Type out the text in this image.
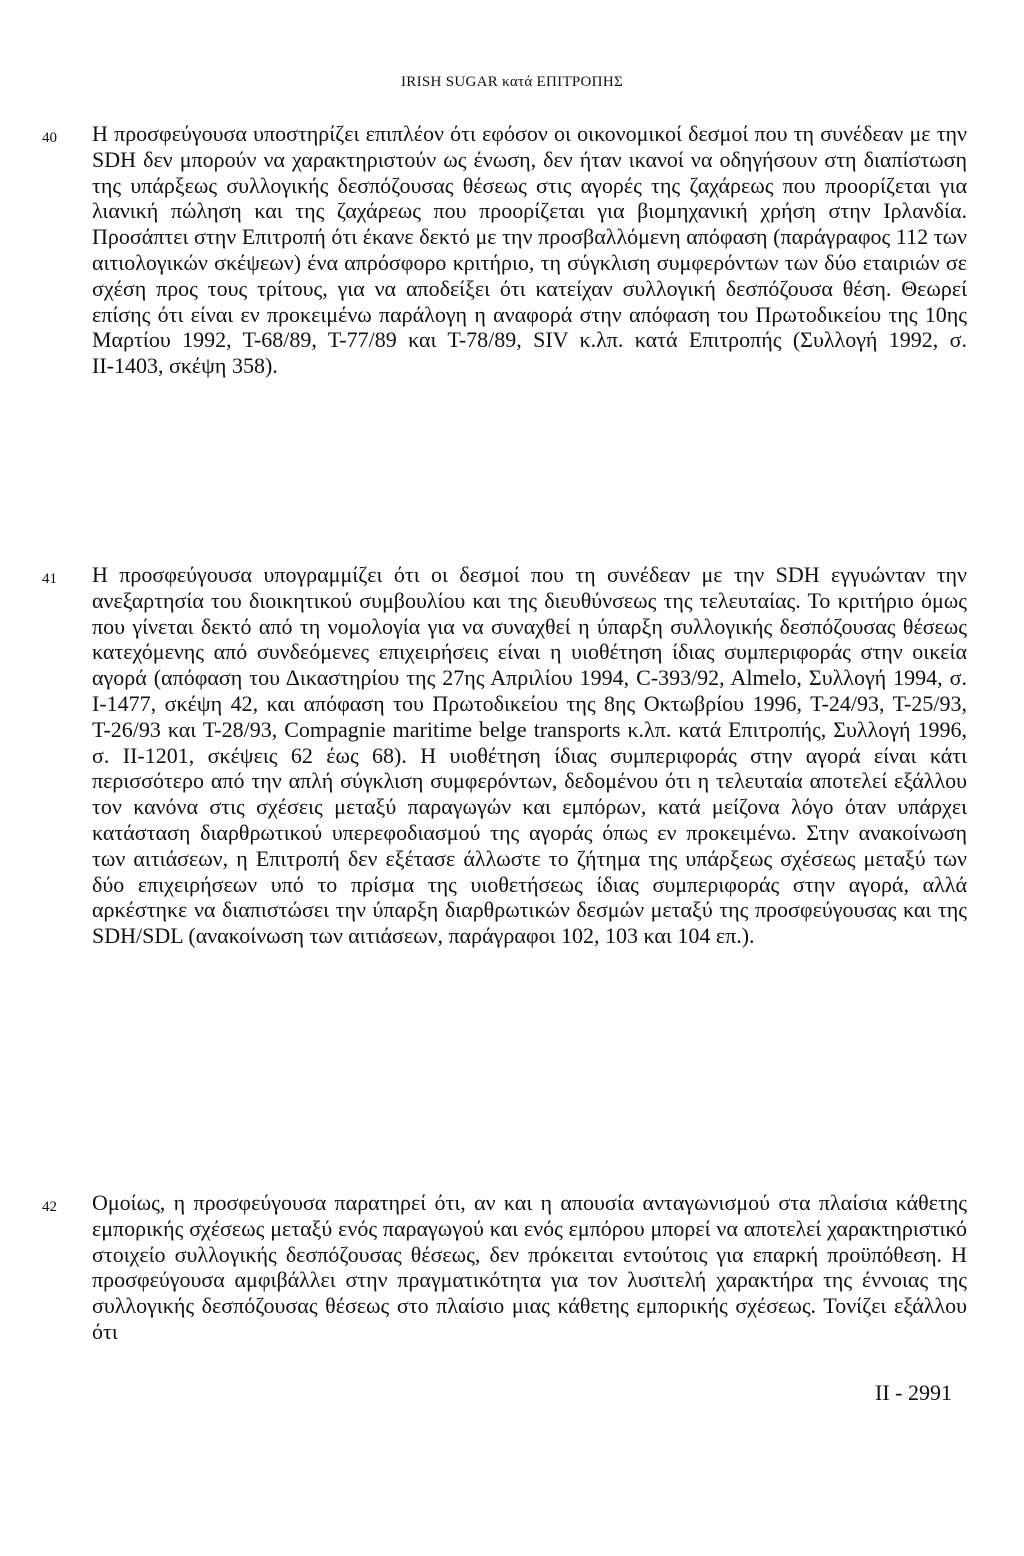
IRISH SUGAR κατά ΕΠΙΤΡΟΠΗΣ
40	Η προσφεύγουσα υποστηρίζει επιπλέον ότι εφόσον οι οικονομικοί δεσμοί που τη συνέδεαν με την SDH δεν μπορούν να χαρακτηριστούν ως ένωση, δεν ήταν ικανοί να οδηγήσουν στη διαπίστωση της υπάρξεως συλλογικής δεσπόζουσας θέσεως στις αγορές της ζαχάρεως που προορίζεται για λιανική πώληση και της ζαχάρεως που προορίζεται για βιομηχανική χρήση στην Ιρλανδία. Προσάπτει στην Επιτροπή ότι έκανε δεκτό με την προσβαλλόμενη απόφαση (παράγραφος 112 των αιτιολογικών σκέψεων) ένα απρόσφορο κριτήριο, τη σύγκλιση συμφερόντων των δύο εταιριών σε σχέση προς τους τρίτους, για να αποδείξει ότι κατείχαν συλλογική δεσπόζουσα θέση. Θεωρεί επίσης ότι είναι εν προκειμένω παράλογη η αναφορά στην απόφαση του Πρωτοδικείου της 10ης Μαρτίου 1992, Τ-68/89, Τ-77/89 και Τ-78/89, SIV κ.λπ. κατά Επιτροπής (Συλλογή 1992, σ. ΙΙ-1403, σκέψη 358).
41	Η προσφεύγουσα υπογραμμίζει ότι οι δεσμοί που τη συνέδεαν με την SDH εγγυώνταν την ανεξαρτησία του διοικητικού συμβουλίου και της διευθύνσεως της τελευταίας. Το κριτήριο όμως που γίνεται δεκτό από τη νομολογία για να συναχθεί η ύπαρξη συλλογικής δεσπόζουσας θέσεως κατεχόμενης από συνδεόμενες επιχειρήσεις είναι η υιοθέτηση ίδιας συμπεριφοράς στην οικεία αγορά (απόφαση του Δικαστηρίου της 27ης Απριλίου 1994, C-393/92, Almelo, Συλλογή 1994, σ. Ι-1477, σκέψη 42, και απόφαση του Πρωτοδικείου της 8ης Οκτωβρίου 1996, Τ-24/93, Τ-25/93, Τ-26/93 και Τ-28/93, Compagnie maritime belge transports κ.λπ. κατά Επιτροπής, Συλλογή 1996, σ. ΙΙ-1201, σκέψεις 62 έως 68). Η υιοθέτηση ίδιας συμπεριφοράς στην αγορά είναι κάτι περισσότερο από την απλή σύγκλιση συμφερόντων, δεδομένου ότι η τελευταία αποτελεί εξάλλου τον κανόνα στις σχέσεις μεταξύ παραγωγών και εμπόρων, κατά μείζονα λόγο όταν υπάρχει κατάσταση διαρθρωτικού υπερεφοδιασμού της αγοράς όπως εν προκειμένω. Στην ανακοίνωση των αιτιάσεων, η Επιτροπή δεν εξέτασε άλλωστε το ζήτημα της υπάρξεως σχέσεως μεταξύ των δύο επιχειρήσεων υπό το πρίσμα της υιοθετήσεως ίδιας συμπεριφοράς στην αγορά, αλλά αρκέστηκε να διαπιστώσει την ύπαρξη διαρθρωτικών δεσμών μεταξύ της προσφεύγουσας και της SDH/SDL (ανακοίνωση των αιτιάσεων, παράγραφοι 102, 103 και 104 επ.).
42	Ομοίως, η προσφεύγουσα παρατηρεί ότι, αν και η απουσία ανταγωνισμού στα πλαίσια κάθετης εμπορικής σχέσεως μεταξύ ενός παραγωγού και ενός εμπόρου μπορεί να αποτελεί χαρακτηριστικό στοιχείο συλλογικής δεσπόζουσας θέσεως, δεν πρόκειται εντούτοις για επαρκή προϋπόθεση. Η προσφεύγουσα αμφιβάλλει στην πραγματικότητα για τον λυσιτελή χαρακτήρα της έννοιας της συλλογικής δεσπόζουσας θέσεως στο πλαίσιο μιας κάθετης εμπορικής σχέσεως. Τονίζει εξάλλου ότι
II - 2991
